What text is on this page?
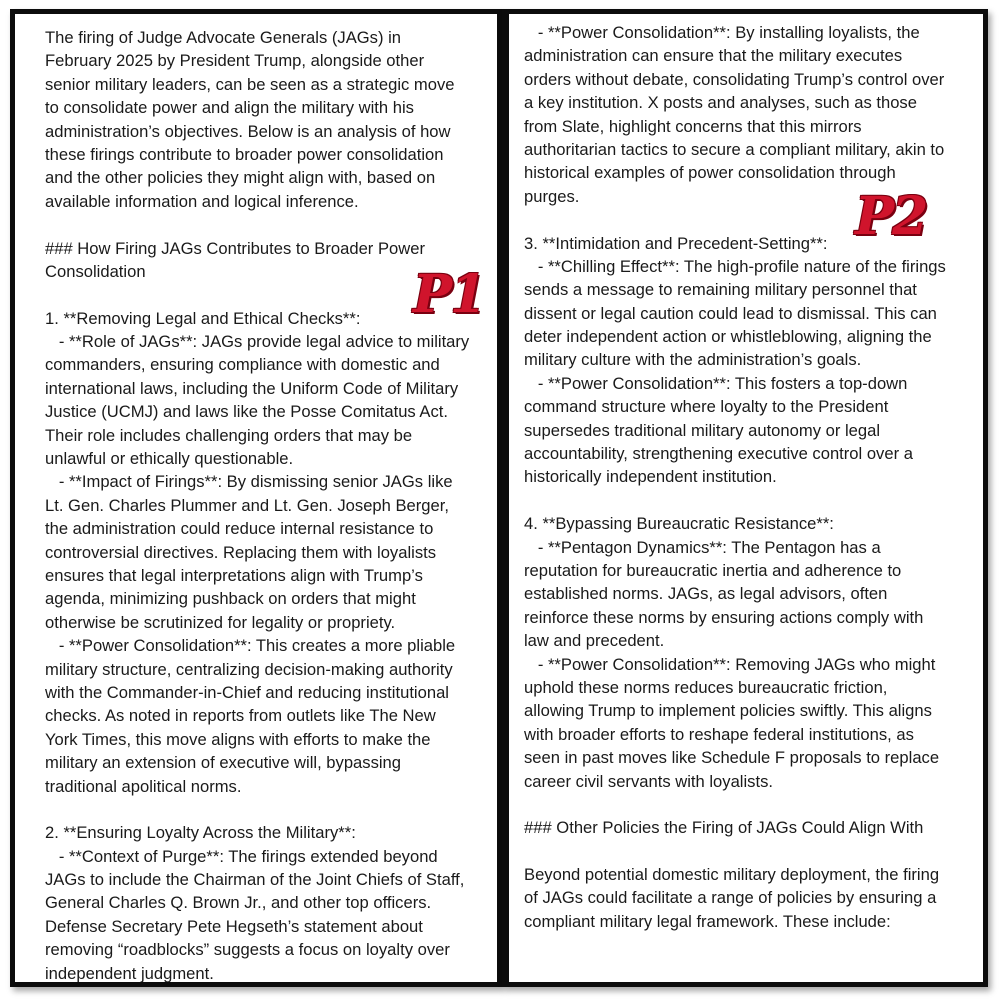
The firing of Judge Advocate Generals (JAGs) in
February 2025 by President Trump, alongside other
senior military leaders, can be seen as a strategic move
to consolidate power and align the military with his
administration’s objectives. Below is an analysis of how
these firings contribute to broader power consolidation
and the other policies they might align with, based on
available information and logical inference.
### How Firing JAGs Contributes to Broader Power
Consolidation
1. **Removing Legal and Ethical Checks**:
- **Role of JAGs**: JAGs provide legal advice to military
commanders, ensuring compliance with domestic and
international laws, including the Uniform Code of Military
Justice (UCMJ) and laws like the Posse Comitatus Act.
Their role includes challenging orders that may be
unlawful or ethically questionable.
- **Impact of Firings**: By dismissing senior JAGs like
Lt. Gen. Charles Plummer and Lt. Gen. Joseph Berger,
the administration could reduce internal resistance to
controversial directives. Replacing them with loyalists
ensures that legal interpretations align with Trump’s
agenda, minimizing pushback on orders that might
otherwise be scrutinized for legality or propriety.
- **Power Consolidation**: This creates a more pliable
military structure, centralizing decision-making authority
with the Commander-in-Chief and reducing institutional
checks. As noted in reports from outlets like The New
York Times, this move aligns with efforts to make the
military an extension of executive will, bypassing
traditional apolitical norms.
2. **Ensuring Loyalty Across the Military**:
- **Context of Purge**: The firings extended beyond
JAGs to include the Chairman of the Joint Chiefs of Staff,
General Charles Q. Brown Jr., and other top officers.
Defense Secretary Pete Hegseth’s statement about
removing “roadblocks” suggests a focus on loyalty over
independent judgment.
P1
- **Power Consolidation**: By installing loyalists, the
administration can ensure that the military executes
orders without debate, consolidating Trump’s control over
a key institution. X posts and analyses, such as those
from Slate, highlight concerns that this mirrors
authoritarian tactics to secure a compliant military, akin to
historical examples of power consolidation through
purges.
3. **Intimidation and Precedent-Setting**:
- **Chilling Effect**: The high-profile nature of the firings
sends a message to remaining military personnel that
dissent or legal caution could lead to dismissal. This can
deter independent action or whistleblowing, aligning the
military culture with the administration’s goals.
- **Power Consolidation**: This fosters a top-down
command structure where loyalty to the President
supersedes traditional military autonomy or legal
accountability, strengthening executive control over a
historically independent institution.
4. **Bypassing Bureaucratic Resistance**:
- **Pentagon Dynamics**: The Pentagon has a
reputation for bureaucratic inertia and adherence to
established norms. JAGs, as legal advisors, often
reinforce these norms by ensuring actions comply with
law and precedent.
- **Power Consolidation**: Removing JAGs who might
uphold these norms reduces bureaucratic friction,
allowing Trump to implement policies swiftly. This aligns
with broader efforts to reshape federal institutions, as
seen in past moves like Schedule F proposals to replace
career civil servants with loyalists.
### Other Policies the Firing of JAGs Could Align With
Beyond potential domestic military deployment, the firing
of JAGs could facilitate a range of policies by ensuring a
compliant military legal framework. These include:
P2
